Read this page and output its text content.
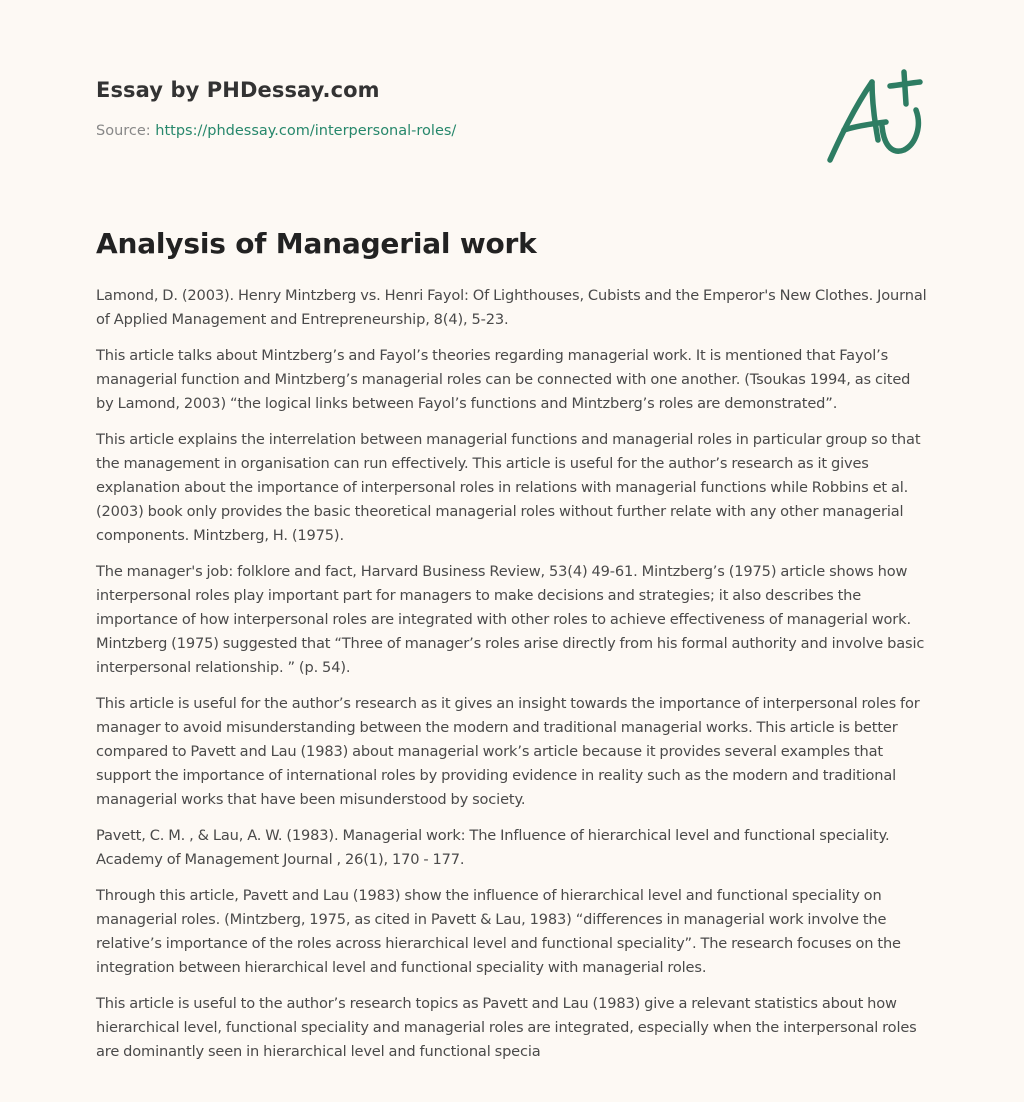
Essay by PHDessay.com
Source: https://phdessay.com/interpersonal-roles/
Analysis of Managerial work

Lamond, D. (2003). Henry Mintzberg vs. Henri Fayol: Of Lighthouses, Cubists and the Emperor's New Clothes. Journal of Applied Management and Entrepreneurship, 8(4), 5-23.

This article talks about Mintzberg’s and Fayol’s theories regarding managerial work. It is mentioned that Fayol’s managerial function and Mintzberg’s managerial roles can be connected with one another. (Tsoukas 1994, as cited by Lamond, 2003) “the logical links between Fayol’s functions and Mintzberg’s roles are demonstrated”.

This article explains the interrelation between managerial functions and managerial roles in particular group so that the management in organisation can run effectively. This article is useful for the author’s research as it gives explanation about the importance of interpersonal roles in relations with managerial functions while Robbins et al. (2003) book only provides the basic theoretical managerial roles without further relate with any other managerial components. Mintzberg, H. (1975).

The manager's job: folklore and fact, Harvard Business Review, 53(4) 49-61. Mintzberg’s (1975) article shows how interpersonal roles play important part for managers to make decisions and strategies; it also describes the importance of how interpersonal roles are integrated with other roles to achieve effectiveness of managerial work. Mintzberg (1975) suggested that “Three of manager’s roles arise directly from his formal authority and involve basic interpersonal relationship. ” (p. 54).

This article is useful for the author’s research as it gives an insight towards the importance of interpersonal roles for manager to avoid misunderstanding between the modern and traditional managerial works. This article is better compared to Pavett and Lau (1983) about managerial work’s article because it provides several examples that support the importance of international roles by providing evidence in reality such as the modern and traditional managerial works that have been misunderstood by society.

Pavett, C. M. , & Lau, A. W. (1983). Managerial work: The Influence of hierarchical level and functional speciality. Academy of Management Journal , 26(1), 170 - 177.

Through this article, Pavett and Lau (1983) show the influence of hierarchical level and functional speciality on managerial roles. (Mintzberg, 1975, as cited in Pavett & Lau, 1983) “differences in managerial work involve the relative’s importance of the roles across hierarchical level and functional speciality”. The research focuses on the integration between hierarchical level and functional speciality with managerial roles.

This article is useful to the author’s research topics as Pavett and Lau (1983) give a relevant statistics about how hierarchical level, functional speciality and managerial roles are integrated, especially when the interpersonal roles are dominantly seen in hierarchical level and functional specia
